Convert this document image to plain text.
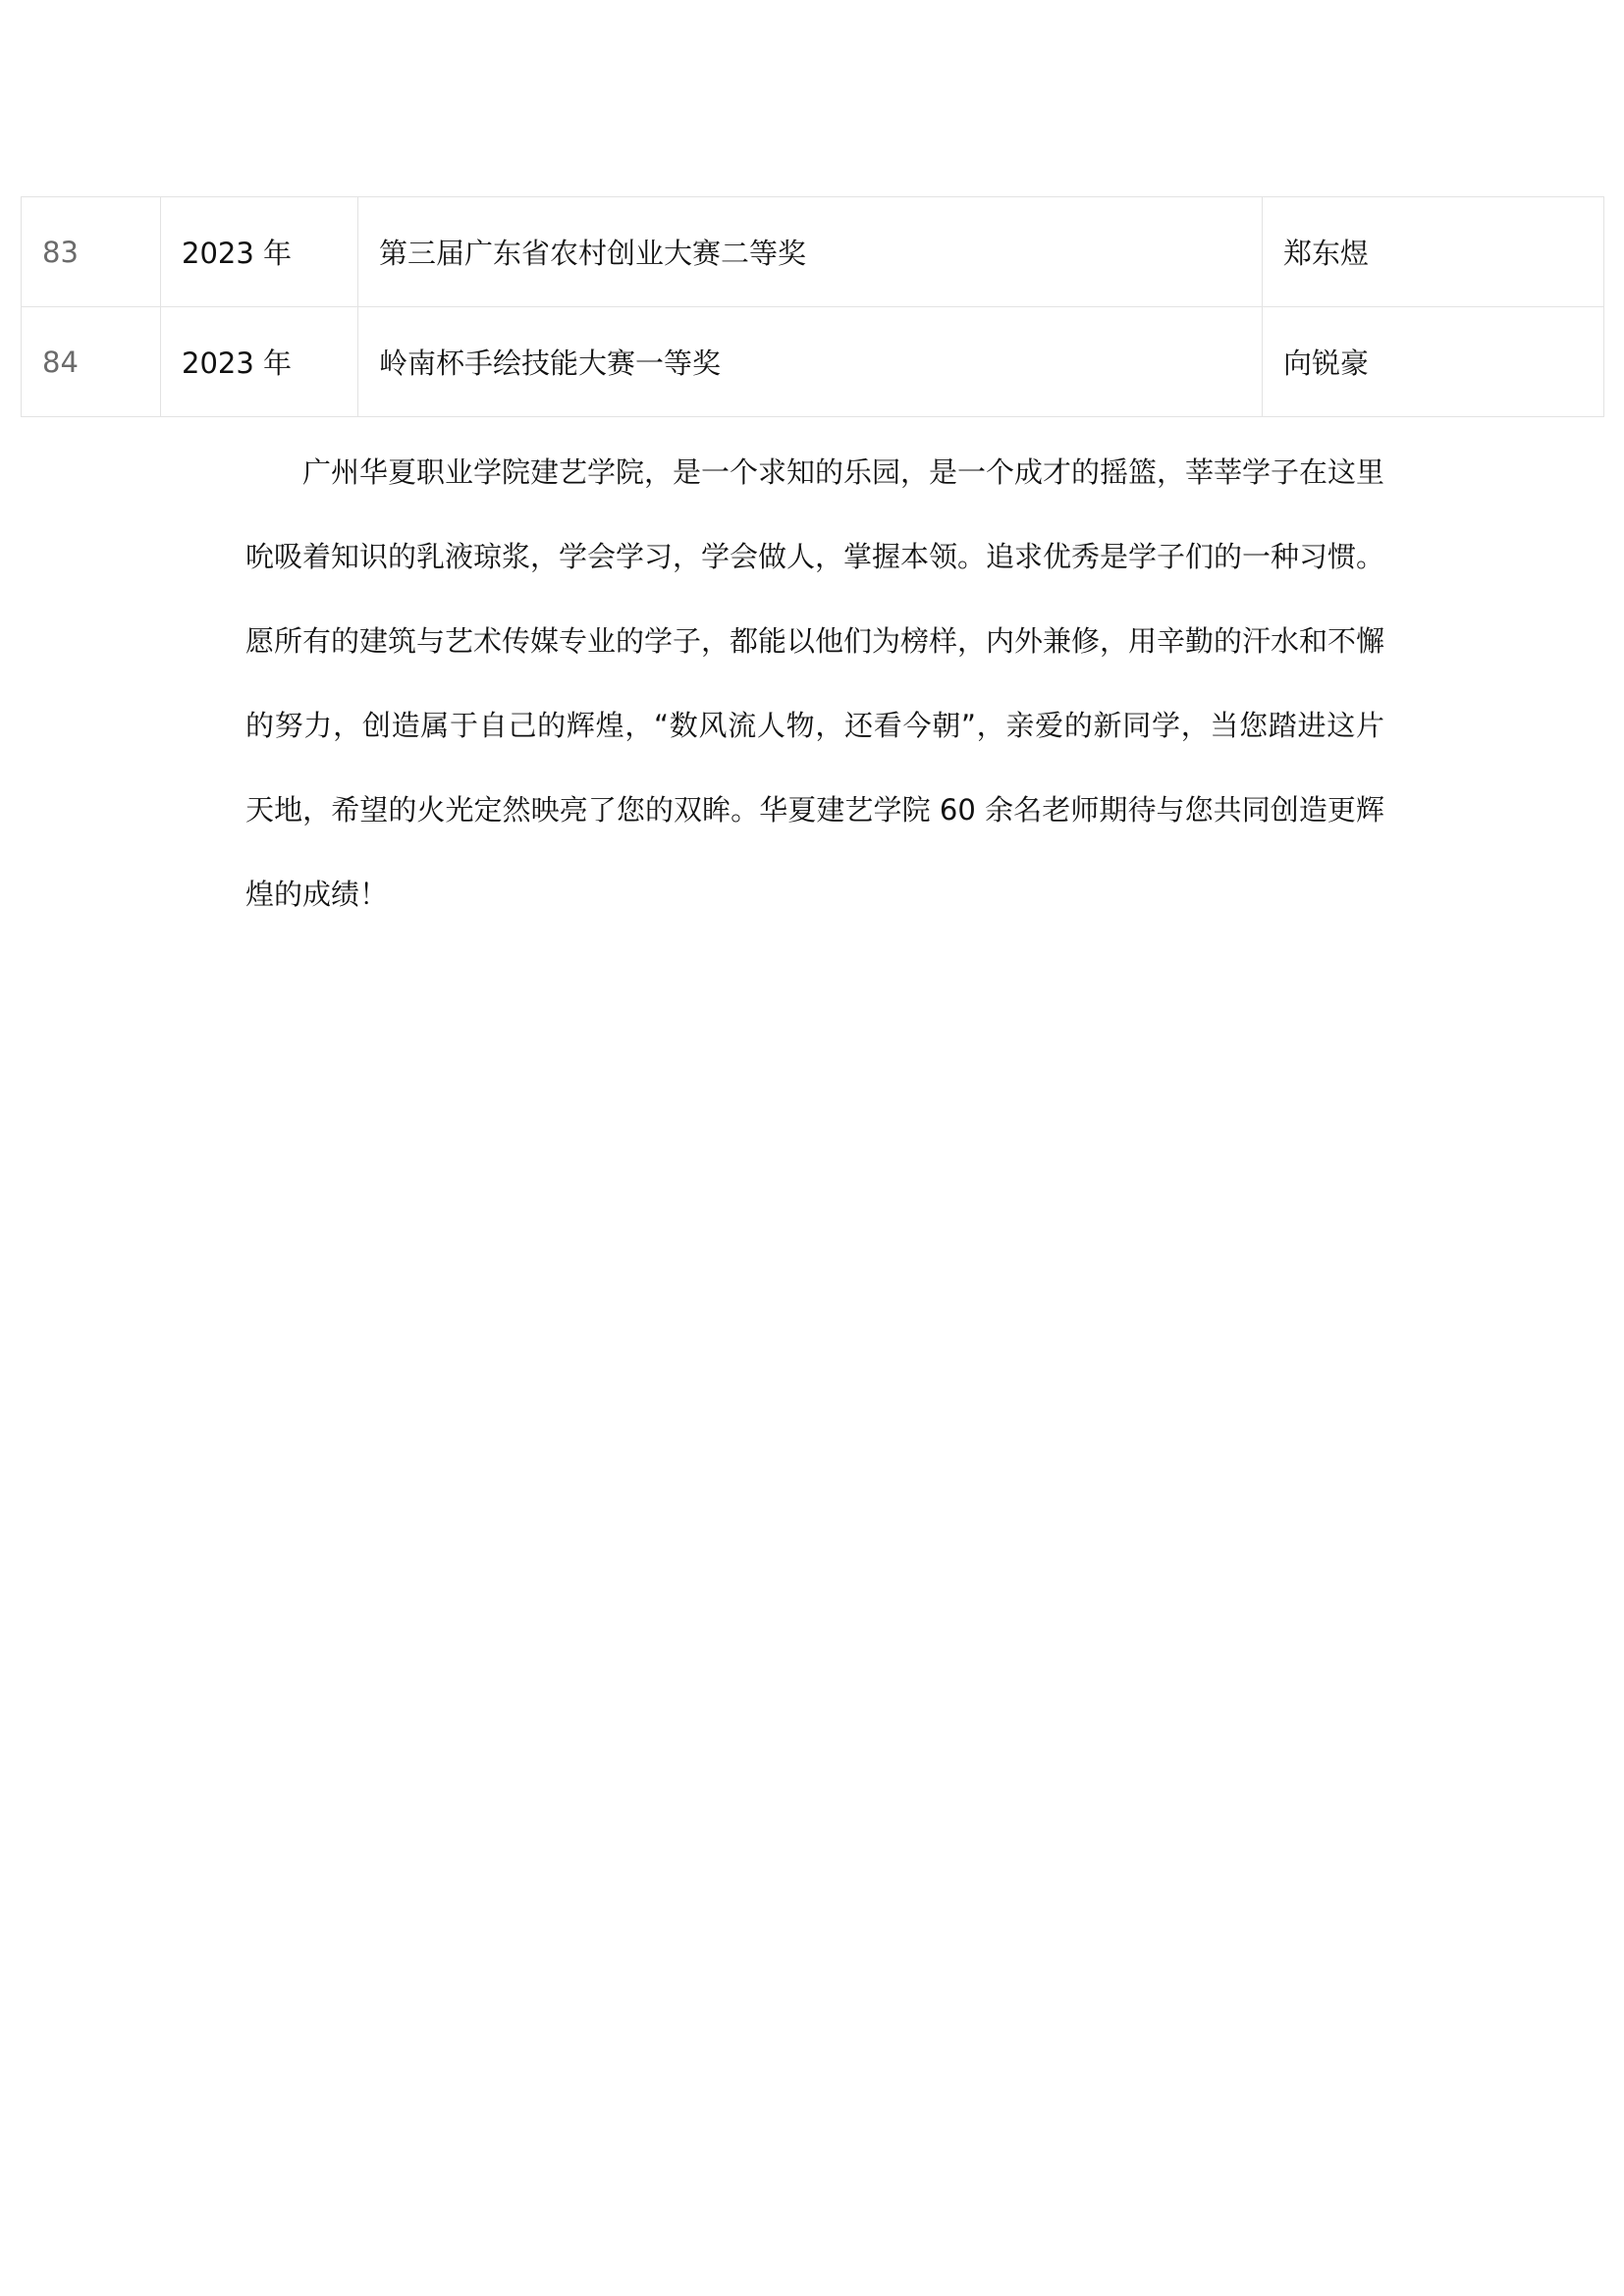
83	2023 年	第三届广东省农村创业大赛二等奖	郑东煜
84	2023 年	岭南杯手绘技能大赛一等奖	向锐豪

广州华夏职业学院建艺学院，是一个求知的乐园，是一个成才的摇篮，莘莘学子在这里吮吸着知识的乳液琼浆，学会学习，学会做人，掌握本领。追求优秀是学子们的一种习惯。愿所有的建筑与艺术传媒专业的学子，都能以他们为榜样，内外兼修，用辛勤的汗水和不懈的努力，创造属于自己的辉煌，“数风流人物，还看今朝”，亲爱的新同学，当您踏进这片天地，希望的火光定然映亮了您的双眸。华夏建艺学院 60 余名老师期待与您共同创造更辉煌的成绩！
